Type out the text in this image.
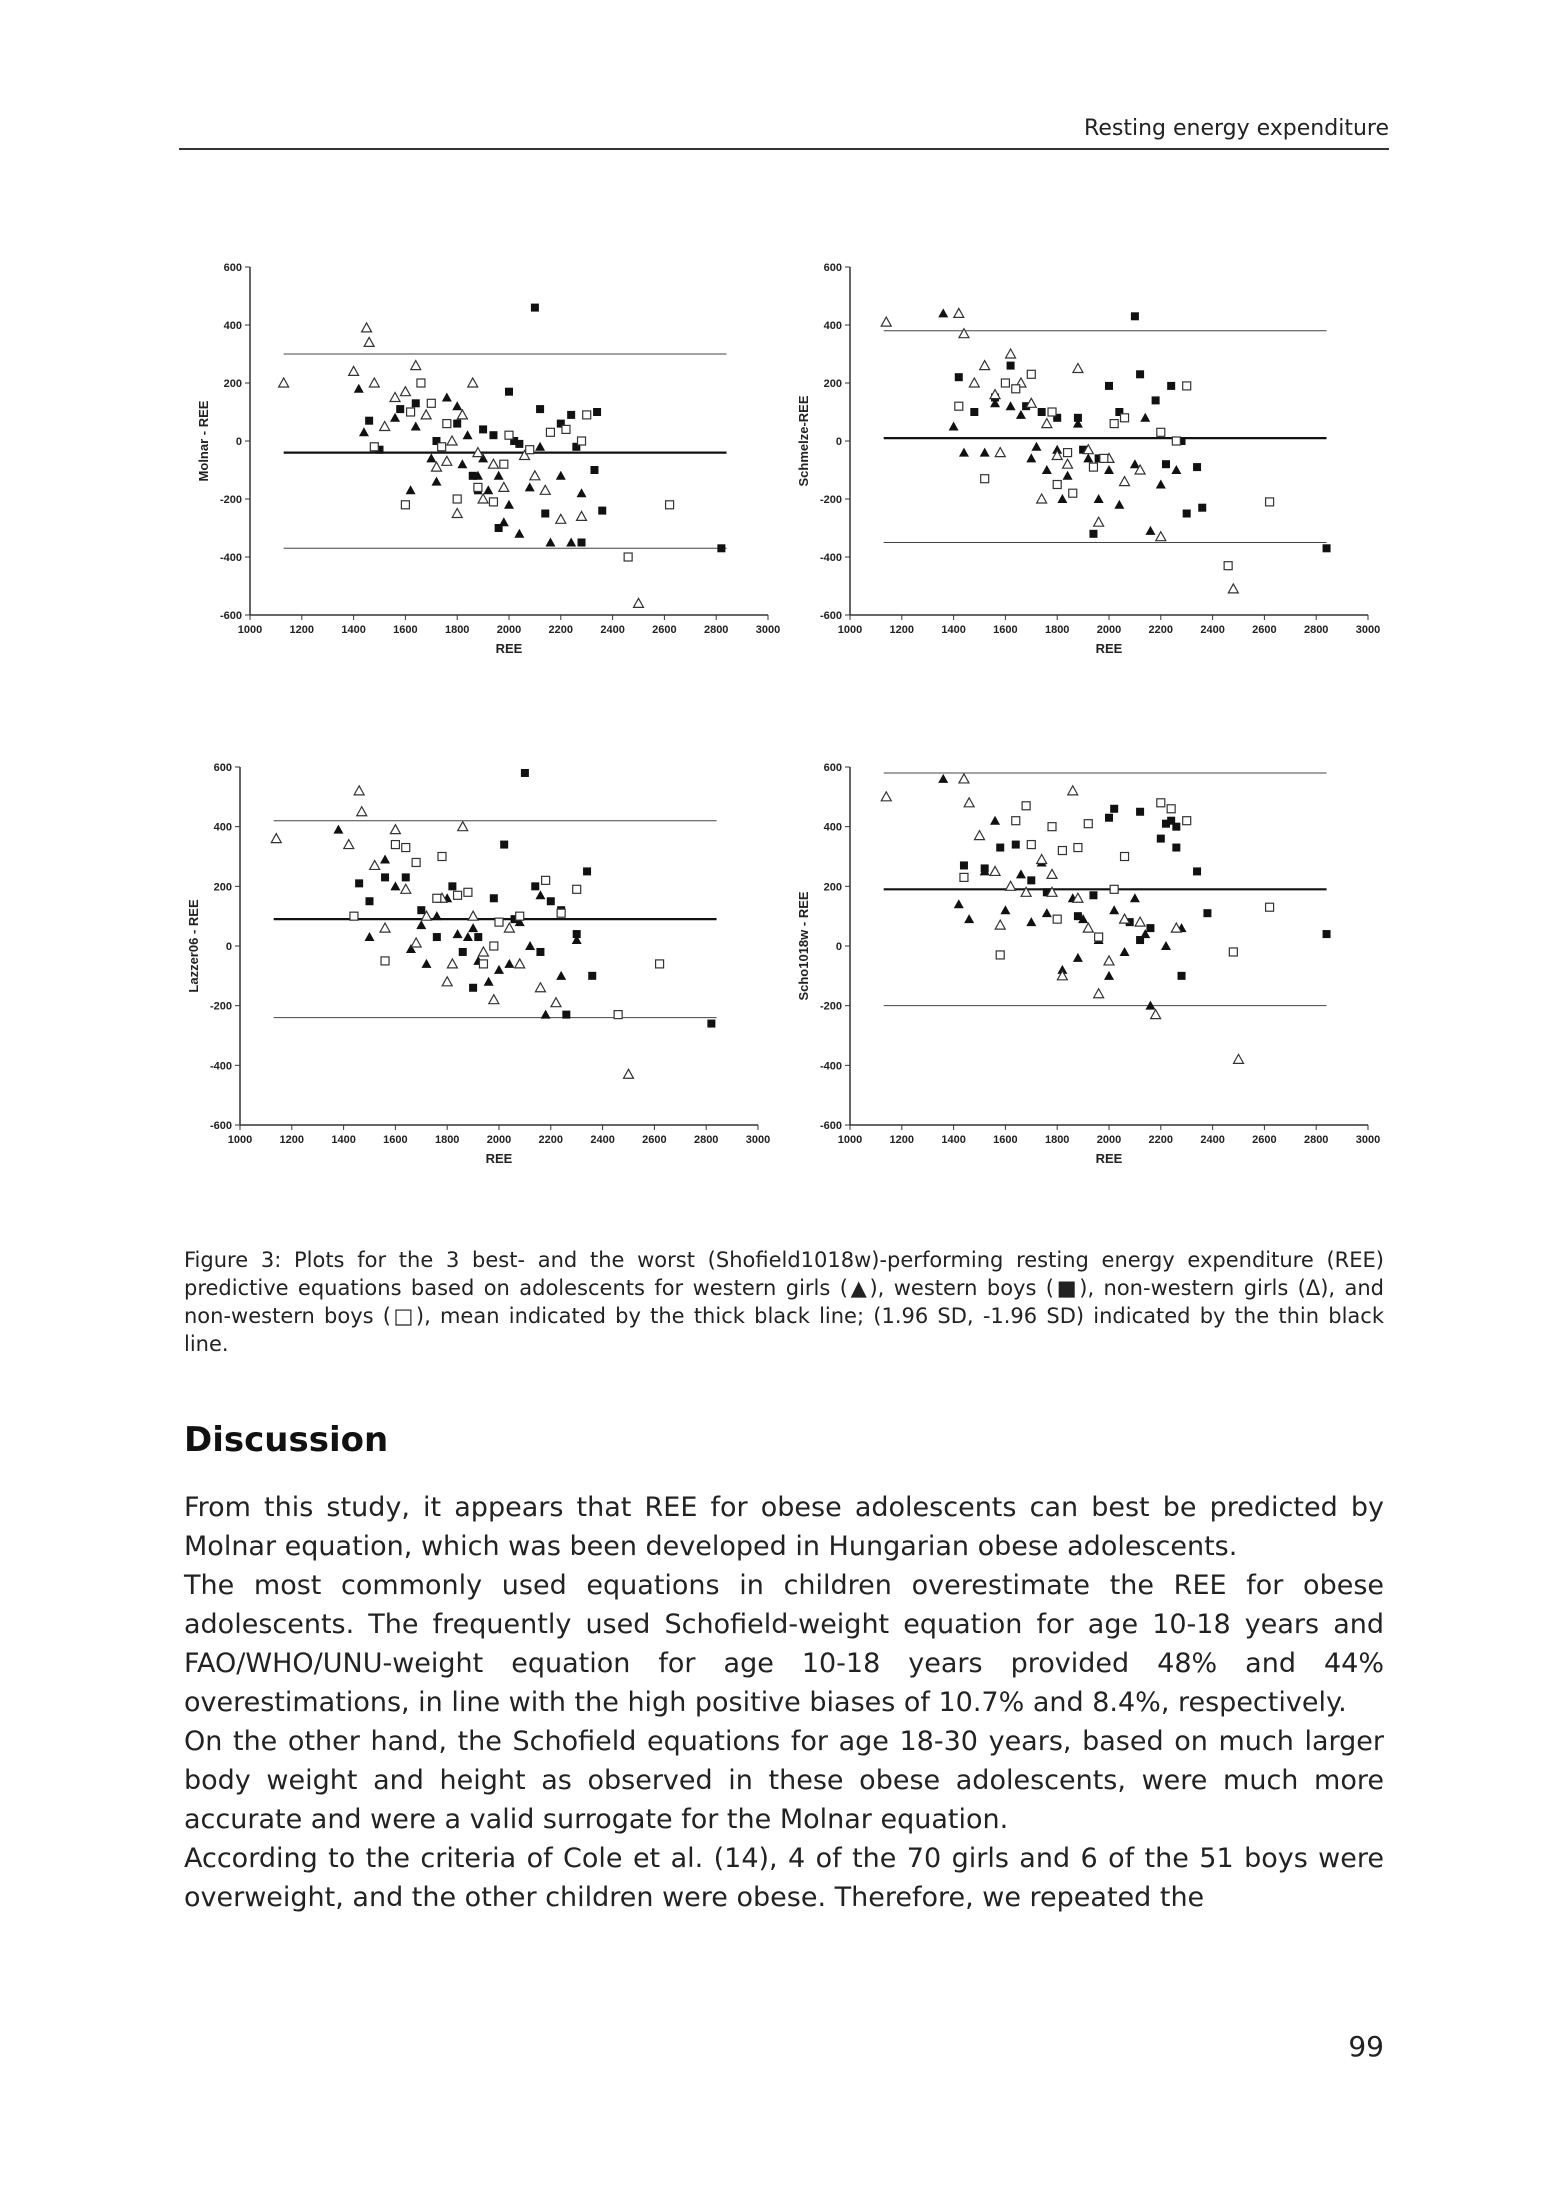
Resting energy expenditure
600
400
200
0
-200
-400
-600
1000 1200 1400 1600 1800 2000 2200 2400 2600 2800 3000
REE
Molnar - REE
600
400
200
0
-200
-400
-600
1000 1200 1400 1600 1800 2000 2200 2400 2600 2800 3000
REE
Schmelze-REE
600
400
200
0
-200
-400
-600
1000 1200 1400 1600 1800 2000 2200 2400 2600 2800 3000
REE
Lazzer06 - REE
600
400
200
0
-200
-400
-600
1000 1200 1400 1600 1800 2000 2200 2400 2600 2800 3000
REE
Scho1018w - REE

Figure 3: Plots for the 3 best- and the worst (Shofield1018w)-performing resting energy expenditure (REE) predictive equations based on adolescents for western girls (▲), western boys (■), non-western girls (Δ), and non-western boys (□), mean indicated by the thick black line; (1.96 SD, -1.96 SD) indicated by the thin black line.

Discussion

From this study, it appears that REE for obese adolescents can best be predicted by Molnar equation, which was been developed in Hungarian obese adolescents.

The most commonly used equations in children overestimate the REE for obese adolescents. The frequently used Schofield-weight equation for age 10-18 years and FAO/WHO/UNU-weight equation for age 10-18 years provided 48% and 44% overestimations, in line with the high positive biases of 10.7% and 8.4%, respectively.

On the other hand, the Schofield equations for age 18-30 years, based on much larger body weight and height as observed in these obese adolescents, were much more accurate and were a valid surrogate for the Molnar equation.

According to the criteria of Cole et al. (14), 4 of the 70 girls and 6 of the 51 boys were overweight, and the other children were obese. Therefore, we repeated the

99
